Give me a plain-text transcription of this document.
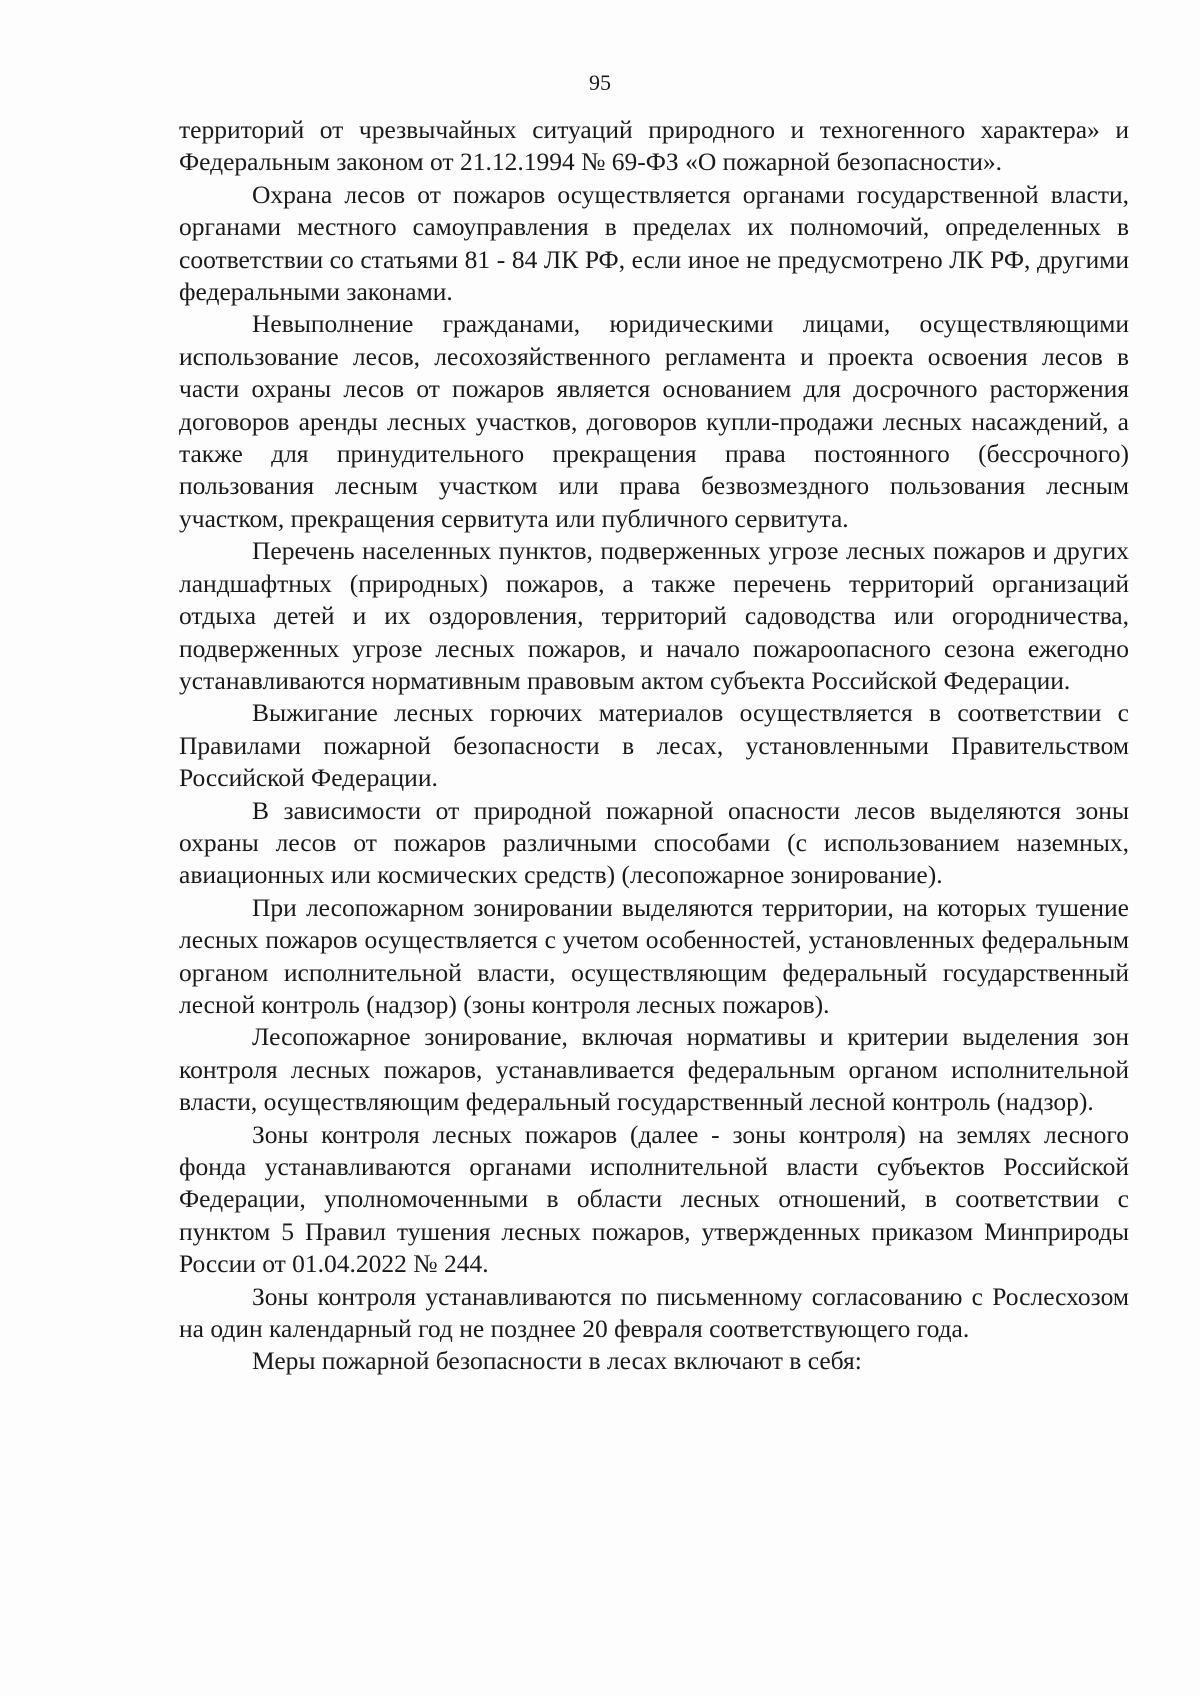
95

территорий от чрезвычайных ситуаций природного и техногенного характера» и Федеральным законом от 21.12.1994 № 69-ФЗ «О пожарной безопасности».

Охрана лесов от пожаров осуществляется органами государственной власти, органами местного самоуправления в пределах их полномочий, определенных в соответствии со статьями 81 - 84 ЛК РФ, если иное не предусмотрено ЛК РФ, другими федеральными законами.

Невыполнение гражданами, юридическими лицами, осуществляющими использование лесов, лесохозяйственного регламента и проекта освоения лесов в части охраны лесов от пожаров является основанием для досрочного расторжения договоров аренды лесных участков, договоров купли-продажи лесных насаждений, а также для принудительного прекращения права постоянного (бессрочного) пользования лесным участком или права безвозмездного пользования лесным участком, прекращения сервитута или публичного сервитута.

Перечень населенных пунктов, подверженных угрозе лесных пожаров и других ландшафтных (природных) пожаров, а также перечень территорий организаций отдыха детей и их оздоровления, территорий садоводства или огородничества, подверженных угрозе лесных пожаров, и начало пожароопасного сезона ежегодно устанавливаются нормативным правовым актом субъекта Российской Федерации.

Выжигание лесных горючих материалов осуществляется в соответствии с Правилами пожарной безопасности в лесах, установленными Правительством Российской Федерации.

В зависимости от природной пожарной опасности лесов выделяются зоны охраны лесов от пожаров различными способами (с использованием наземных, авиационных или космических средств) (лесопожарное зонирование).

При лесопожарном зонировании выделяются территории, на которых тушение лесных пожаров осуществляется с учетом особенностей, установленных федеральным органом исполнительной власти, осуществляющим федеральный государственный лесной контроль (надзор) (зоны контроля лесных пожаров).

Лесопожарное зонирование, включая нормативы и критерии выделения зон контроля лесных пожаров, устанавливается федеральным органом исполнительной власти, осуществляющим федеральный государственный лесной контроль (надзор).

Зоны контроля лесных пожаров (далее - зоны контроля) на землях лесного фонда устанавливаются органами исполнительной власти субъектов Российской Федерации, уполномоченными в области лесных отношений, в соответствии с пунктом 5 Правил тушения лесных пожаров, утвержденных приказом Минприроды России от 01.04.2022 № 244.

Зоны контроля устанавливаются по письменному согласованию с Рослесхозом на один календарный год не позднее 20 февраля соответствующего года.

Меры пожарной безопасности в лесах включают в себя:
